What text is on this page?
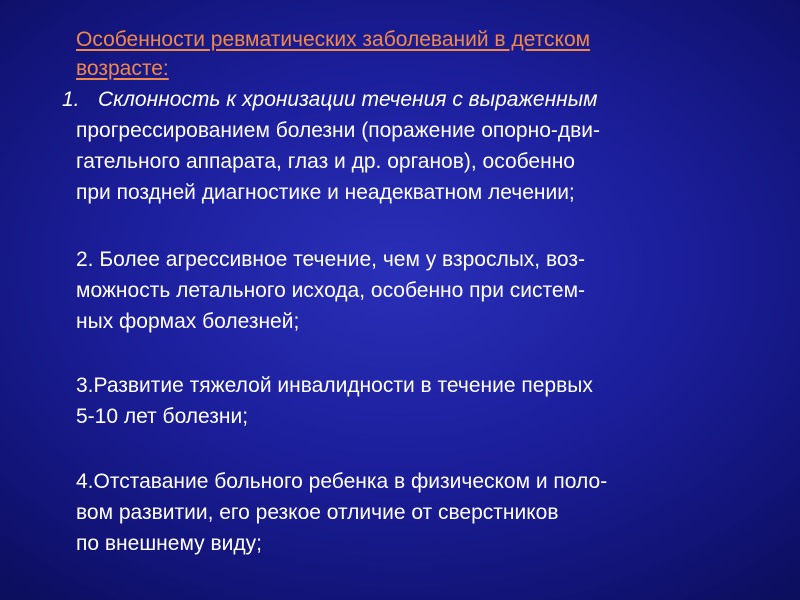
Особенности ревматических заболеваний в детском
возрасте:
1. Склонность к хронизации течения с выраженным
прогрессированием болезни (поражение опорно-дви-
гательного аппарата, глаз и др. органов), особенно
при поздней диагностике и неадекватном лечении;
2. Более агрессивное течение, чем у взрослых, воз-
можность летального исхода, особенно при систем-
ных формах болезней;
3.Развитие тяжелой инвалидности в течение первых
5-10 лет болезни;
4.Отставание больного ребенка в физическом и поло-
вом развитии, его резкое отличие от сверстников
по внешнему виду;
